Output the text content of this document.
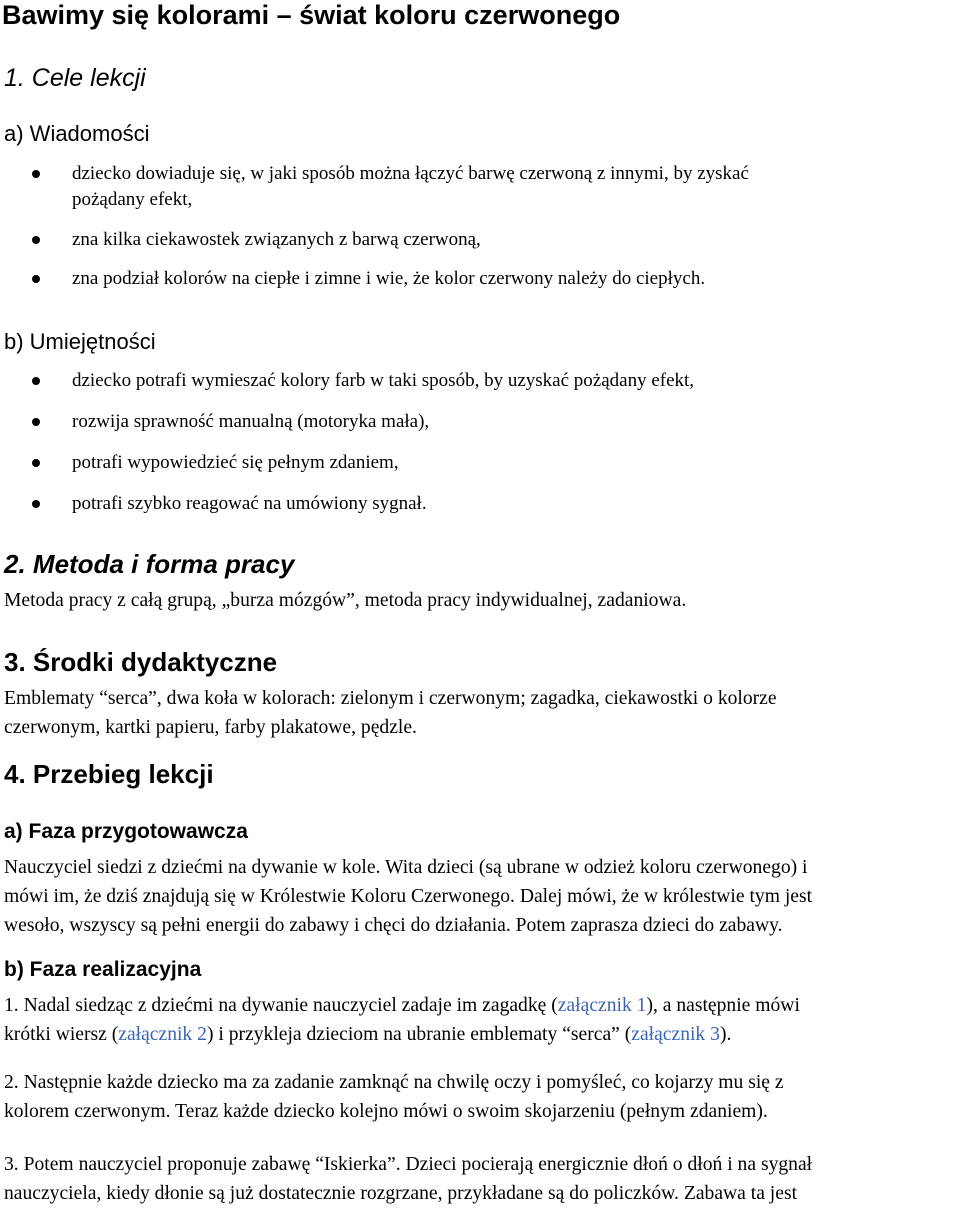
Bawimy się kolorami – świat koloru czerwonego
1. Cele lekcji
a) Wiadomości
dziecko dowiaduje się, w jaki sposób można łączyć barwę czerwoną z innymi, by zyskać
pożądany efekt,
zna kilka ciekawostek związanych z barwą czerwoną,
zna podział kolorów na ciepłe i zimne i wie, że kolor czerwony należy do ciepłych.
b) Umiejętności
dziecko potrafi wymieszać kolory farb w taki sposób, by uzyskać pożądany efekt,
rozwija sprawność manualną (motoryka mała),
potrafi wypowiedzieć się pełnym zdaniem,
potrafi szybko reagować na umówiony sygnał.
2. Metoda i forma pracy
Metoda pracy z całą grupą, „burza mózgów”, metoda pracy indywidualnej, zadaniowa.
3. Środki dydaktyczne
Emblematy “serca”, dwa koła w kolorach: zielonym i czerwonym; zagadka, ciekawostki o kolorze
czerwonym, kartki papieru, farby plakatowe, pędzle.
4. Przebieg lekcji
a) Faza przygotowawcza
Nauczyciel siedzi z dziećmi na dywanie w kole. Wita dzieci (są ubrane w odzież koloru czerwonego) i
mówi im, że dziś znajdują się w Królestwie Koloru Czerwonego. Dalej mówi, że w królestwie tym jest
wesoło, wszyscy są pełni energii do zabawy i chęci do działania. Potem zaprasza dzieci do zabawy.
b) Faza realizacyjna
1. Nadal siedząc z dziećmi na dywanie nauczyciel zadaje im zagadkę (załącznik 1), a następnie mówi
krótki wiersz (załącznik 2) i przykleja dzieciom na ubranie emblematy “serca” (załącznik 3).
2. Następnie każde dziecko ma za zadanie zamknąć na chwilę oczy i pomyśleć, co kojarzy mu się z
kolorem czerwonym. Teraz każde dziecko kolejno mówi o swoim skojarzeniu (pełnym zdaniem).
3. Potem nauczyciel proponuje zabawę “Iskierka”. Dzieci pocierają energicznie dłoń o dłoń i na sygnał
nauczyciela, kiedy dłonie są już dostatecznie rozgrzane, przykładane są do policzków. Zabawa ta jest
